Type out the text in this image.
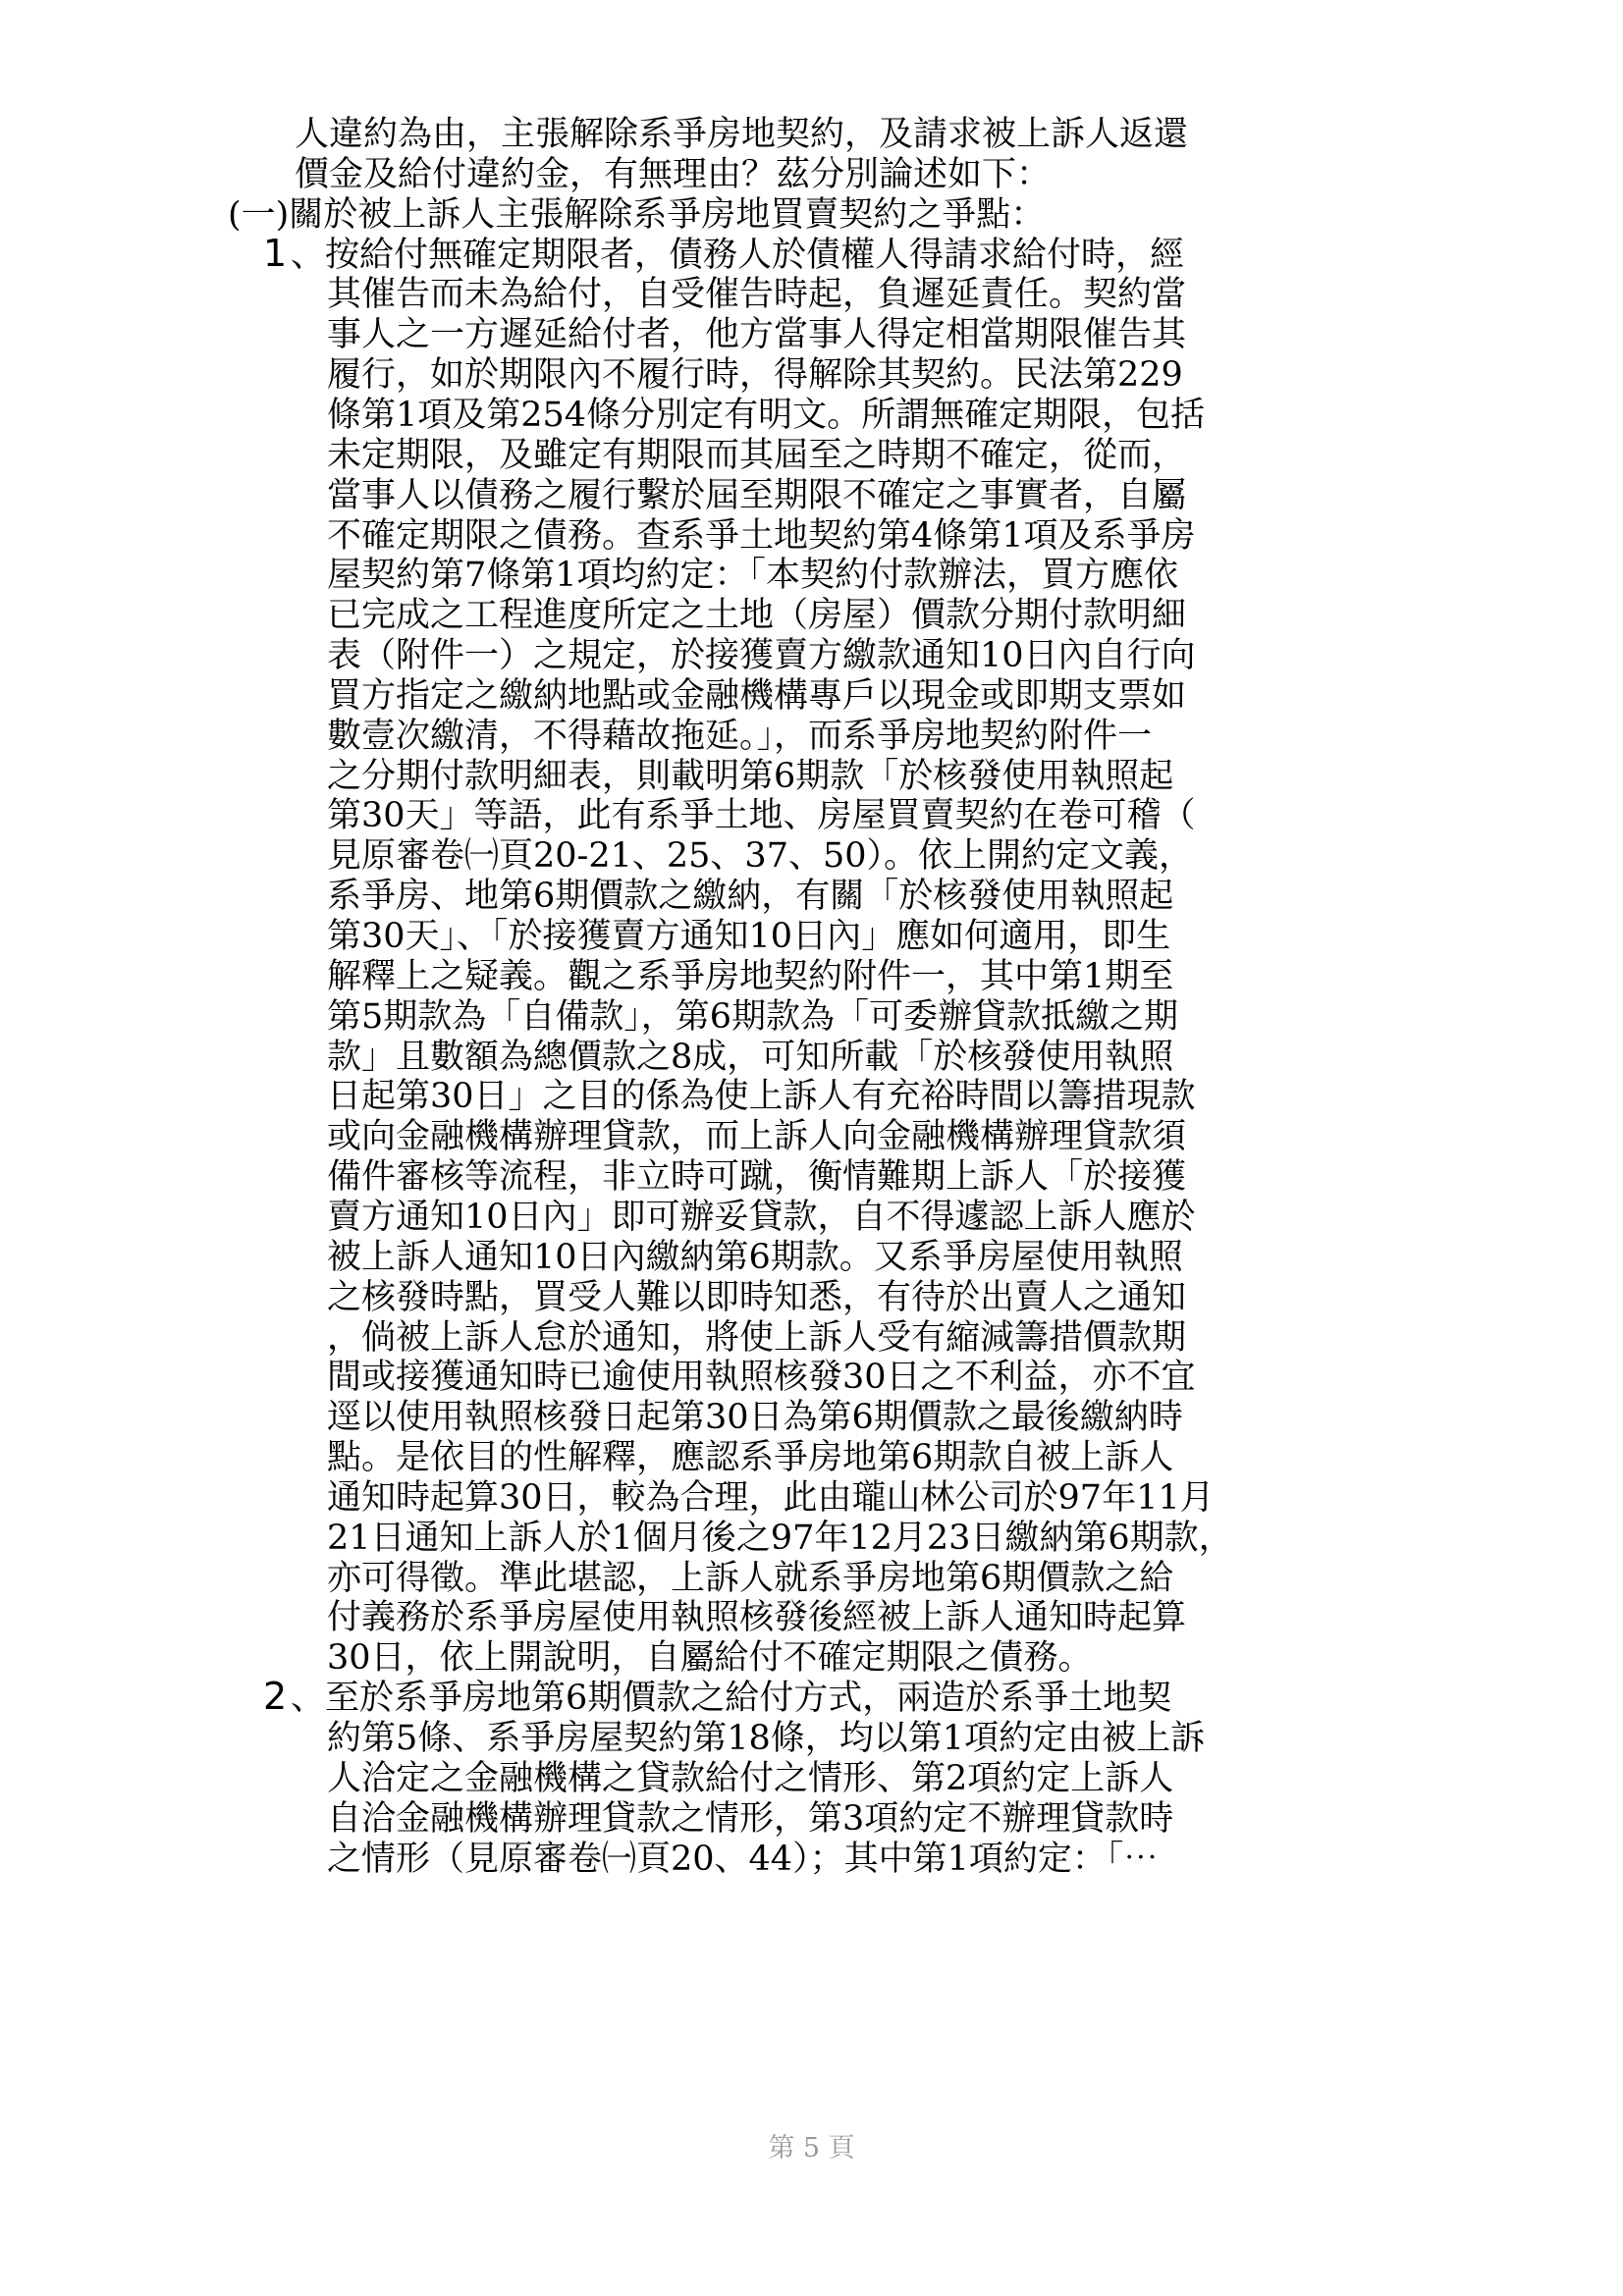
人違約為由，主張解除系爭房地契約，及請求被上訴人返還
價金及給付違約金，有無理由？茲分別論述如下：
(一)關於被上訴人主張解除系爭房地買賣契約之爭點：
1 、按給付無確定期限者，債務人於債權人得請求給付時，經
其催告而未為給付，自受催告時起，負遲延責任。契約當
事人之一方遲延給付者，他方當事人得定相當期限催告其
履行，如於期限內不履行時，得解除其契約。民法第229
條第1項及第254條分別定有明文。所謂無確定期限，包括
未定期限，及雖定有期限而其屆至之時期不確定，從而，
當事人以債務之履行繫於屆至期限不確定之事實者，自屬
不確定期限之債務。查系爭土地契約第4條第1項及系爭房
屋契約第7條第1項均約定：「本契約付款辦法，買方應依
已完成之工程進度所定之土地（房屋）價款分期付款明細
表（附件一）之規定，於接獲賣方繳款通知10日內自行向
買方指定之繳納地點或金融機構專戶以現金或即期支票如
數壹次繳清，不得藉故拖延。」，而系爭房地契約附件一
之分期付款明細表，則載明第6期款「於核發使用執照起
第30天」等語，此有系爭土地、房屋買賣契約在卷可稽（
見原審卷㈠頁20-21、25、37、50）。依上開約定文義，
系爭房、地第6期價款之繳納，有關「於核發使用執照起
第30天」、「於接獲賣方通知10日內」應如何適用，即生
解釋上之疑義。觀之系爭房地契約附件一，其中第1期至
第5期款為「自備款」，第6期款為「可委辦貸款抵繳之期
款」且數額為總價款之8成，可知所載「於核發使用執照
日起第30日」之目的係為使上訴人有充裕時間以籌措現款
或向金融機構辦理貸款，而上訴人向金融機構辦理貸款須
備件審核等流程，非立時可蹴，衡情難期上訴人「於接獲
賣方通知10日內」即可辦妥貸款，自不得遽認上訴人應於
被上訴人通知10日內繳納第6期款。又系爭房屋使用執照
之核發時點，買受人難以即時知悉，有待於出賣人之通知
，倘被上訴人怠於通知，將使上訴人受有縮減籌措價款期
間或接獲通知時已逾使用執照核發30日之不利益，亦不宜
逕以使用執照核發日起第30日為第6期價款之最後繳納時
點。是依目的性解釋，應認系爭房地第6期款自被上訴人
通知時起算30日，較為合理，此由瓏山林公司於97年11月
21日通知上訴人於1個月後之97年12月23日繳納第6期款，
亦可得徵。準此堪認，上訴人就系爭房地第6期價款之給
付義務於系爭房屋使用執照核發後經被上訴人通知時起算
30日，依上開說明，自屬給付不確定期限之債務。
2 、至於系爭房地第6期價款之給付方式，兩造於系爭土地契
約第5條、系爭房屋契約第18條，均以第1項約定由被上訴
人洽定之金融機構之貸款給付之情形、第2項約定上訴人
自洽金融機構辦理貸款之情形，第3項約定不辦理貸款時
之情形（見原審卷㈠頁20、44）；其中第1項約定：「⋯
第 5 頁
